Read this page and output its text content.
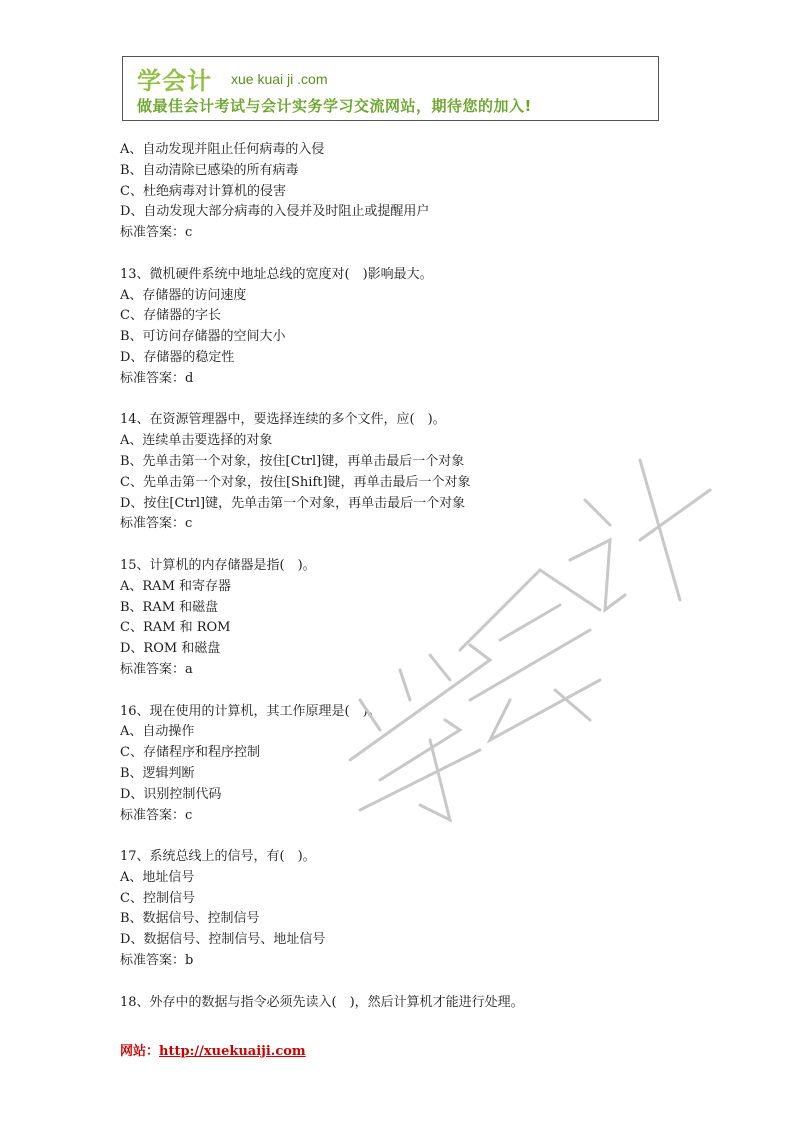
学会计 xue kuai ji .com
做最佳会计考试与会计实务学习交流网站，期待您的加入!
A、自动发现并阻止任何病毒的入侵
B、自动清除已感染的所有病毒
C、杜绝病毒对计算机的侵害
D、自动发现大部分病毒的入侵并及时阻止或提醒用户
标准答案：c
13、微机硬件系统中地址总线的宽度对(　)影响最大。
A、存储器的访问速度
C、存储器的字长
B、可访问存储器的空间大小
D、存储器的稳定性
标准答案：d
14、在资源管理器中，要选择连续的多个文件，应(　)。
A、连续单击要选择的对象
B、先单击第一个对象，按住[Ctrl]键，再单击最后一个对象
C、先单击第一个对象，按住[Shift]键，再单击最后一个对象
D、按住[Ctrl]键，先单击第一个对象，再单击最后一个对象
标准答案：c
15、计算机的内存储器是指(　)。
A、RAM 和寄存器
B、RAM 和磁盘
C、RAM 和 ROM
D、ROM 和磁盘
标准答案：a
16、现在使用的计算机，其工作原理是(　)。
A、自动操作
C、存储程序和程序控制
B、逻辑判断
D、识别控制代码
标准答案：c
17、系统总线上的信号，有(　)。
A、地址信号
C、控制信号
B、数据信号、控制信号
D、数据信号、控制信号、地址信号
标准答案：b
18、外存中的数据与指令必须先读入(　)，然后计算机才能进行处理。
网站：http://xuekuaiji.com
